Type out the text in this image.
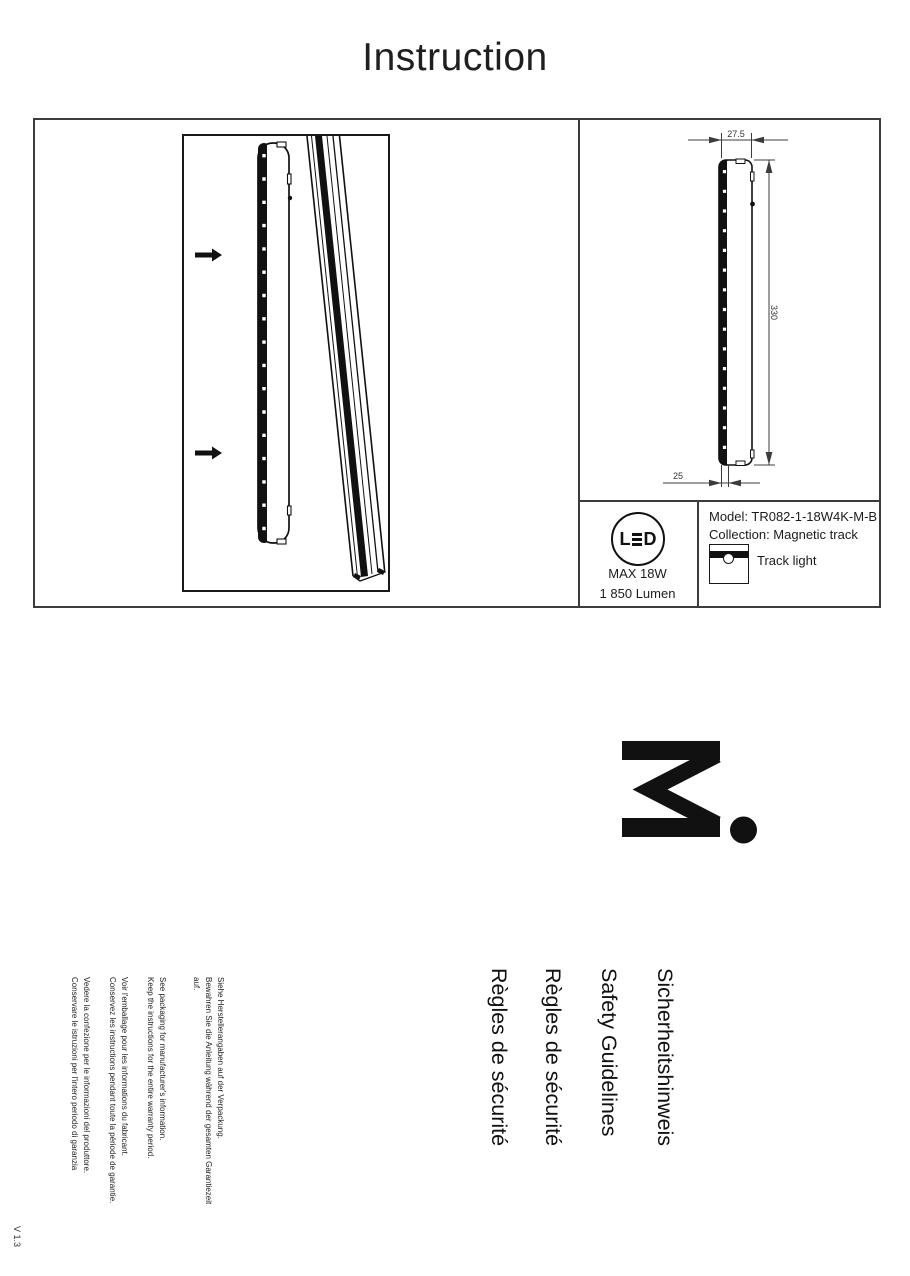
Instruction
27.5
330
25
L D
MAX 18W
1 850 Lumen
Model: TR082-1-18W4K-M-B
Collection: Magnetic track
Track light
Sicherheitshinweis
Safety Guidelines
Règles de sécurité
Règles de sécurité
Siehe Herstellerangaben auf der Verpackung.
Bewahren Sie die Anleitung während der gesamten Garantiezeit
auf.
See packaging for manufacturer's information.
Keep the instructions for the entire warranty period.
Voir l'emballage pour les informations du fabricant.
Conservez les instructions pendant toute la période de garantie.
Vedere la confezione per le informazioni del produttore.
Conservare le istruzioni per l'intero periodo di garanzia
V 1.3
